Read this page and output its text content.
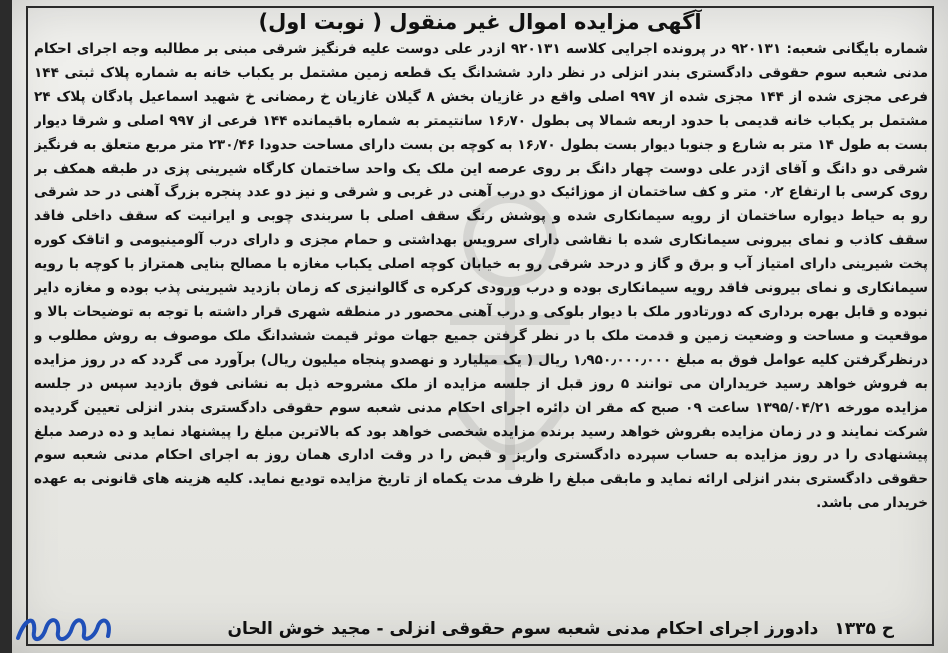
آگهی مزایده اموال غیر منقول ( نوبت اول)
شماره بایگانی شعبه: ۹۲۰۱۳۱ در پرونده اجرایی کلاسه ۹۲۰۱۳۱ ازدر علی دوست علیه فرنگیز شرقی مبنی بر مطالبه وجه اجرای احکام مدنی شعبه سوم حقوقی دادگستری بندر انزلی در نظر دارد ششدانگ یک قطعه زمین مشتمل بر یکباب خانه به شماره پلاک ثبتی ۱۴۴ فرعی مجزی شده از ۱۴۴ مجزی شده از ۹۹۷ اصلی واقع در غازیان بخش ۸ گیلان غازیان خ رمضانی خ شهید اسماعیل پادگان پلاک ۲۴ مشتمل بر یکباب خانه قدیمی با حدود اربعه شمالا پی بطول ۱۶٫۷۰ سانتیمتر به شماره باقیمانده ۱۴۴ فرعی از ۹۹۷ اصلی و شرقا دیوار بست به طول ۱۴ متر به شارع و جنوبا دیوار بست بطول ۱۶٫۷۰ به کوچه بن بست دارای مساحت حدودا ۲۳۰/۴۶ متر مربع متعلق به فرنگیز شرقی دو دانگ و آقای اژدر علی دوست چهار دانگ بر روی عرصه این ملک یک واحد ساختمان کارگاه شیرینی پزی در طبقه همکف بر روی کرسی با ارتفاع ۰٫۲ متر و کف ساختمان از موزائیک دو درب آهنی در غربی و شرقی و نیز دو عدد پنجره بزرگ آهنی در حد شرقی رو به حیاط دیواره ساختمان از رویه سیمانکاری شده و پوشش رنگ سقف اصلی با سربندی چوبی و ایرانیت که سقف داخلی فاقد سقف کاذب و نمای بیرونی سیمانکاری شده با نقاشی دارای سرویس بهداشتی و حمام مجزی و دارای درب آلومینیومی و اتاقک کوره پخت شیرینی دارای امتیاز آب و برق و گاز و درحد شرقی رو به خیابان کوچه اصلی یکباب مغازه با مصالح بنایی همتراز با کوچه با رویه سیمانکاری و نمای بیرونی فاقد رویه سیمانکاری بوده و درب ورودی کرکره ی گالوانیزی که زمان بازدید شیرینی پذب بوده و مغازه دایر نبوده و قابل بهره برداری که دورتادور ملک با دیوار بلوکی و درب آهنی محصور در منطقه شهری قرار داشته با توجه به توضیحات بالا و موقعیت و مساحت و وضعیت زمین و قدمت ملک با در نظر گرفتن جمیع جهات موثر قیمت ششدانگ ملک موصوف به روش مطلوب و درنظرگرفتن کلیه عوامل فوق به مبلغ ۱٫۹۵۰٫۰۰۰٫۰۰۰ ریال ( یک میلیارد و نهصدو پنجاه میلیون ریال) برآورد می گردد که در روز مزایده به فروش خواهد رسید خریداران می توانند ۵ روز قبل از جلسه مزایده از ملک مشروحه ذیل به نشانی فوق بازدید سپس در جلسه مزایده مورخه ۱۳۹۵/۰۴/۲۱ ساعت ۰۹ صبح که مقر ان دائره اجرای احکام مدنی شعبه سوم حقوقی دادگستری بندر انزلی تعیین گردیده شرکت نمایند و در زمان مزایده بفروش خواهد رسید برنده مزایده شخصی خواهد بود که بالاترین مبلغ را پیشنهاد نماید و ده درصد مبلغ پیشنهادی را در روز مزایده به حساب سپرده دادگستری واریز و قبض را در وقت اداری همان روز به اجرای احکام مدنی شعبه سوم حقوقی دادگستری بندر انزلی ارائه نماید و مابقی مبلغ را ظرف مدت یکماه از تاریخ مزایده تودیع نماید. کلیه هزینه های قانونی به عهده خریدار می باشد.
ح ۱۳۳۵ دادورز اجرای احکام مدنی شعبه سوم حقوقی انزلی - مجید خوش الحان
